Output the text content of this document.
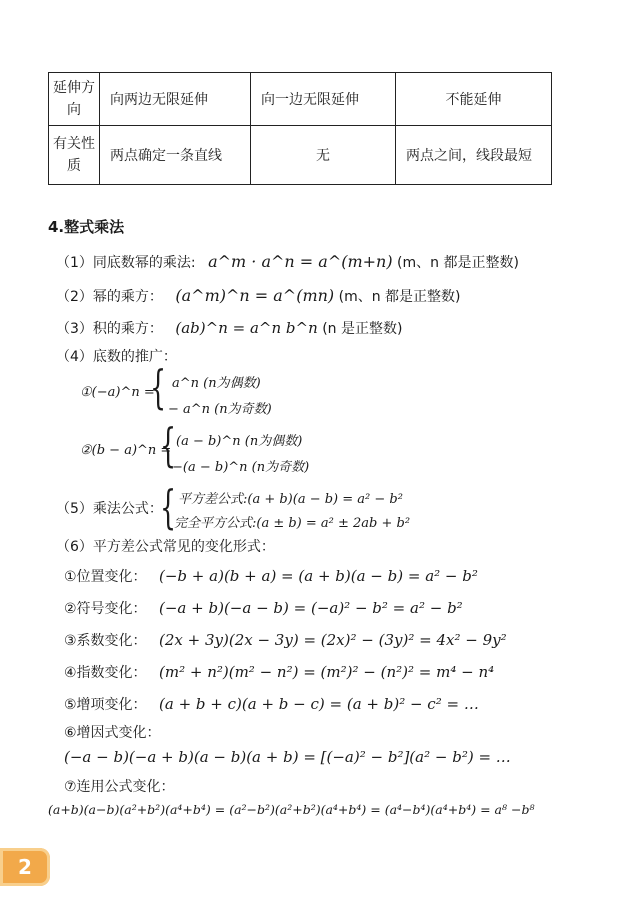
延伸方向	向两边无限延伸	向一边无限延伸	不能延伸
有关性质	两点确定一条直线	无	两点之间，线段最短
4.整式乘法
（1）同底数幂的乘法: a^m · a^n = a^(m+n) (m、n 都是正整数)
（2）幂的乘方： (a^m)^n = a^(mn) (m、n 都是正整数)
（3）积的乘方： (ab)^n = a^n b^n (n 是正整数)
（4）底数的推广：
①(−a)^n =
{ a^n (n为偶数)
− a^n (n为奇数)
②(b − a)^n =
{ (a − b)^n (n为偶数)
−(a − b)^n (n为奇数)
（5）乘法公式：
{ 平方差公式:(a + b)(a − b) = a² − b²
完全平方公式:(a ± b) = a² ± 2ab + b²
（6）平方差公式常见的变化形式：
①位置变化： (−b + a)(b + a) = (a + b)(a − b) = a² − b²
②符号变化： (−a + b)(−a − b) = (−a)² − b² = a² − b²
③系数变化： (2x + 3y)(2x − 3y) = (2x)² − (3y)² = 4x² − 9y²
④指数变化： (m² + n²)(m² − n²) = (m²)² − (n²)² = m⁴ − n⁴
⑤增项变化： (a + b + c)(a + b − c) = (a + b)² − c² = …
⑥增因式变化：
(−a − b)(−a + b)(a − b)(a + b) = [(−a)² − b²](a² − b²) = …
⑦连用公式变化：
(a+b)(a−b)(a²+b²)(a⁴+b⁴) = (a²−b²)(a²+b²)(a⁴+b⁴) = (a⁴−b⁴)(a⁴+b⁴) = a⁸ −b⁸
2
